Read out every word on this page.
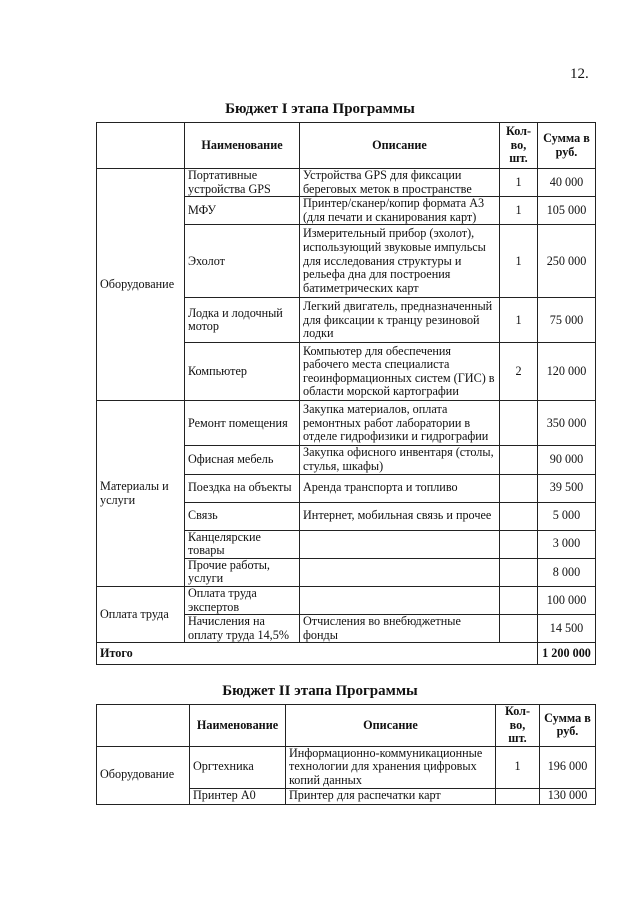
12.
Бюджет I этапа Программы
	Наименование	Описание	Кол-во, шт.	Сумма в руб.
Оборудование	Портативные устройства GPS	Устройства GPS для фиксации береговых меток в пространстве	1	40 000
	МФУ	Принтер/сканер/копир формата А3 (для печати и сканирования карт)	1	105 000
	Эхолот	Измерительный прибор (эхолот), использующий звуковые импульсы для исследования структуры и рельефа дна для построения батиметрических карт	1	250 000
	Лодка и лодочный мотор	Легкий двигатель, предназначенный для фиксации к транцу резиновой лодки	1	75 000
	Компьютер	Компьютер для обеспечения рабочего места специалиста геоинформационных систем (ГИС) в области морской картографии	2	120 000
Материалы и услуги	Ремонт помещения	Закупка материалов, оплата ремонтных работ лаборатории в отделе гидрофизики и гидрографии		350 000
	Офисная мебель	Закупка офисного инвентаря (столы, стулья, шкафы)		90 000
	Поездка на объекты	Аренда транспорта и топливо		39 500
	Связь	Интернет, мобильная связь и прочее		5 000
	Канцелярские товары			3 000
	Прочие работы, услуги			8 000
Оплата труда	Оплата труда экспертов			100 000
	Начисления на оплату труда 14,5%	Отчисления во внебюджетные фонды		14 500
Итого				1 200 000
Бюджет II этапа Программы
	Наименование	Описание	Кол-во, шт.	Сумма в руб.
Оборудование	Оргтехника	Информационно-коммуникационные технологии для хранения цифровых копий данных	1	196 000
	Принтер А0	Принтер для распечатки карт		130 000
